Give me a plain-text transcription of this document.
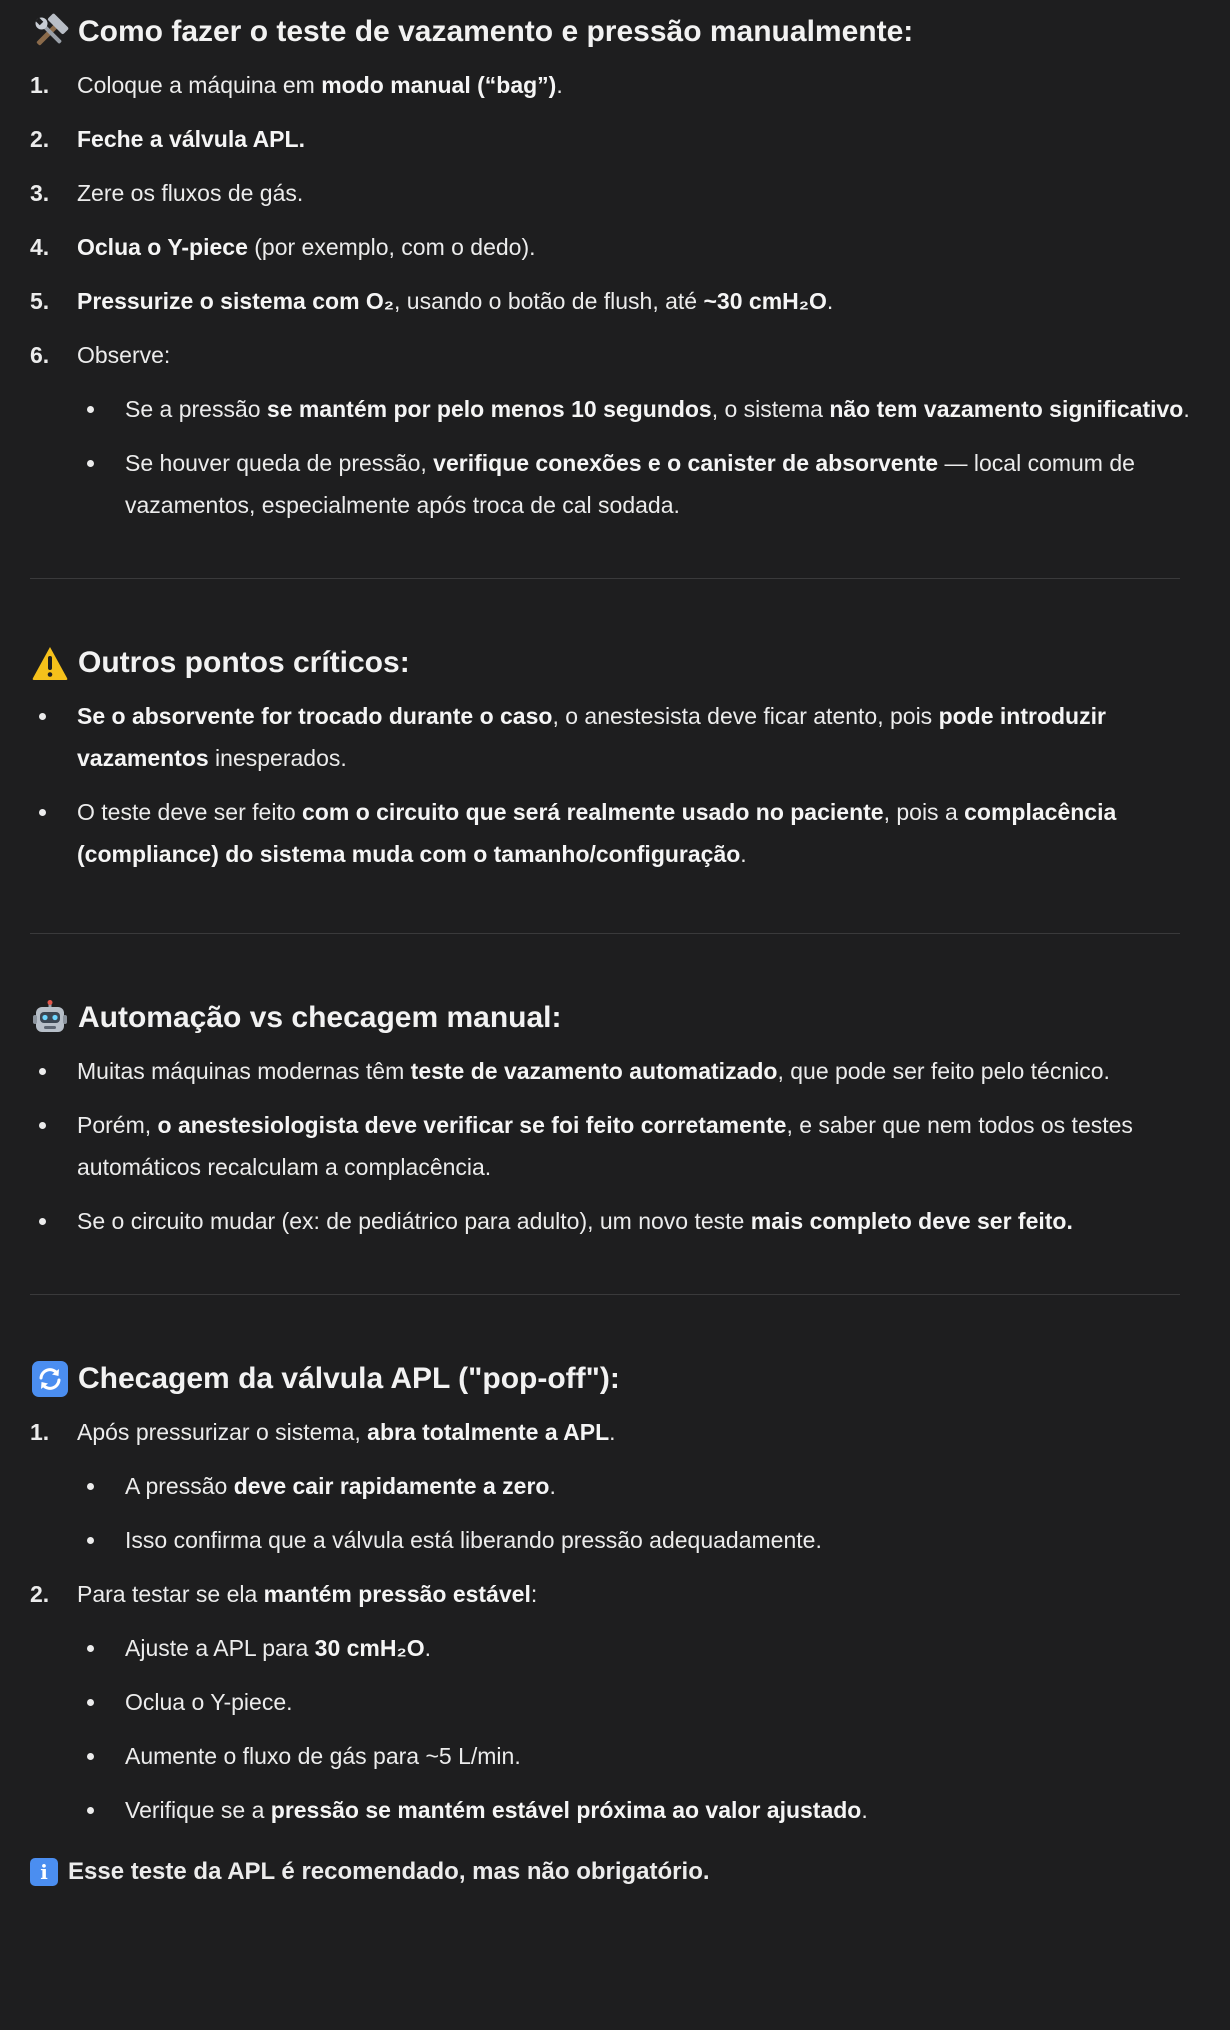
Como fazer o teste de vazamento e pressão manualmente:
1. Coloque a máquina em modo manual (“bag”).
2. Feche a válvula APL.
3. Zere os fluxos de gás.
4. Oclua o Y-piece (por exemplo, com o dedo).
5. Pressurize o sistema com O₂, usando o botão de flush, até ~30 cmH₂O.
6. Observe:
Se a pressão se mantém por pelo menos 10 segundos, o sistema não tem vazamento significativo.
Se houver queda de pressão, verifique conexões e o canister de absorvente — local comum de vazamentos, especialmente após troca de cal sodada.
Outros pontos críticos:
Se o absorvente for trocado durante o caso, o anestesista deve ficar atento, pois pode introduzir vazamentos inesperados.
O teste deve ser feito com o circuito que será realmente usado no paciente, pois a complacência (compliance) do sistema muda com o tamanho/configuração.
Automação vs checagem manual:
Muitas máquinas modernas têm teste de vazamento automatizado, que pode ser feito pelo técnico.
Porém, o anestesiologista deve verificar se foi feito corretamente, e saber que nem todos os testes automáticos recalculam a complacência.
Se o circuito mudar (ex: de pediátrico para adulto), um novo teste mais completo deve ser feito.
Checagem da válvula APL ("pop-off"):
1. Após pressurizar o sistema, abra totalmente a APL.
A pressão deve cair rapidamente a zero.
Isso confirma que a válvula está liberando pressão adequadamente.
2. Para testar se ela mantém pressão estável:
Ajuste a APL para 30 cmH₂O.
Oclua o Y-piece.
Aumente o fluxo de gás para ~5 L/min.
Verifique se a pressão se mantém estável próxima ao valor ajustado.
i Esse teste da APL é recomendado, mas não obrigatório.
